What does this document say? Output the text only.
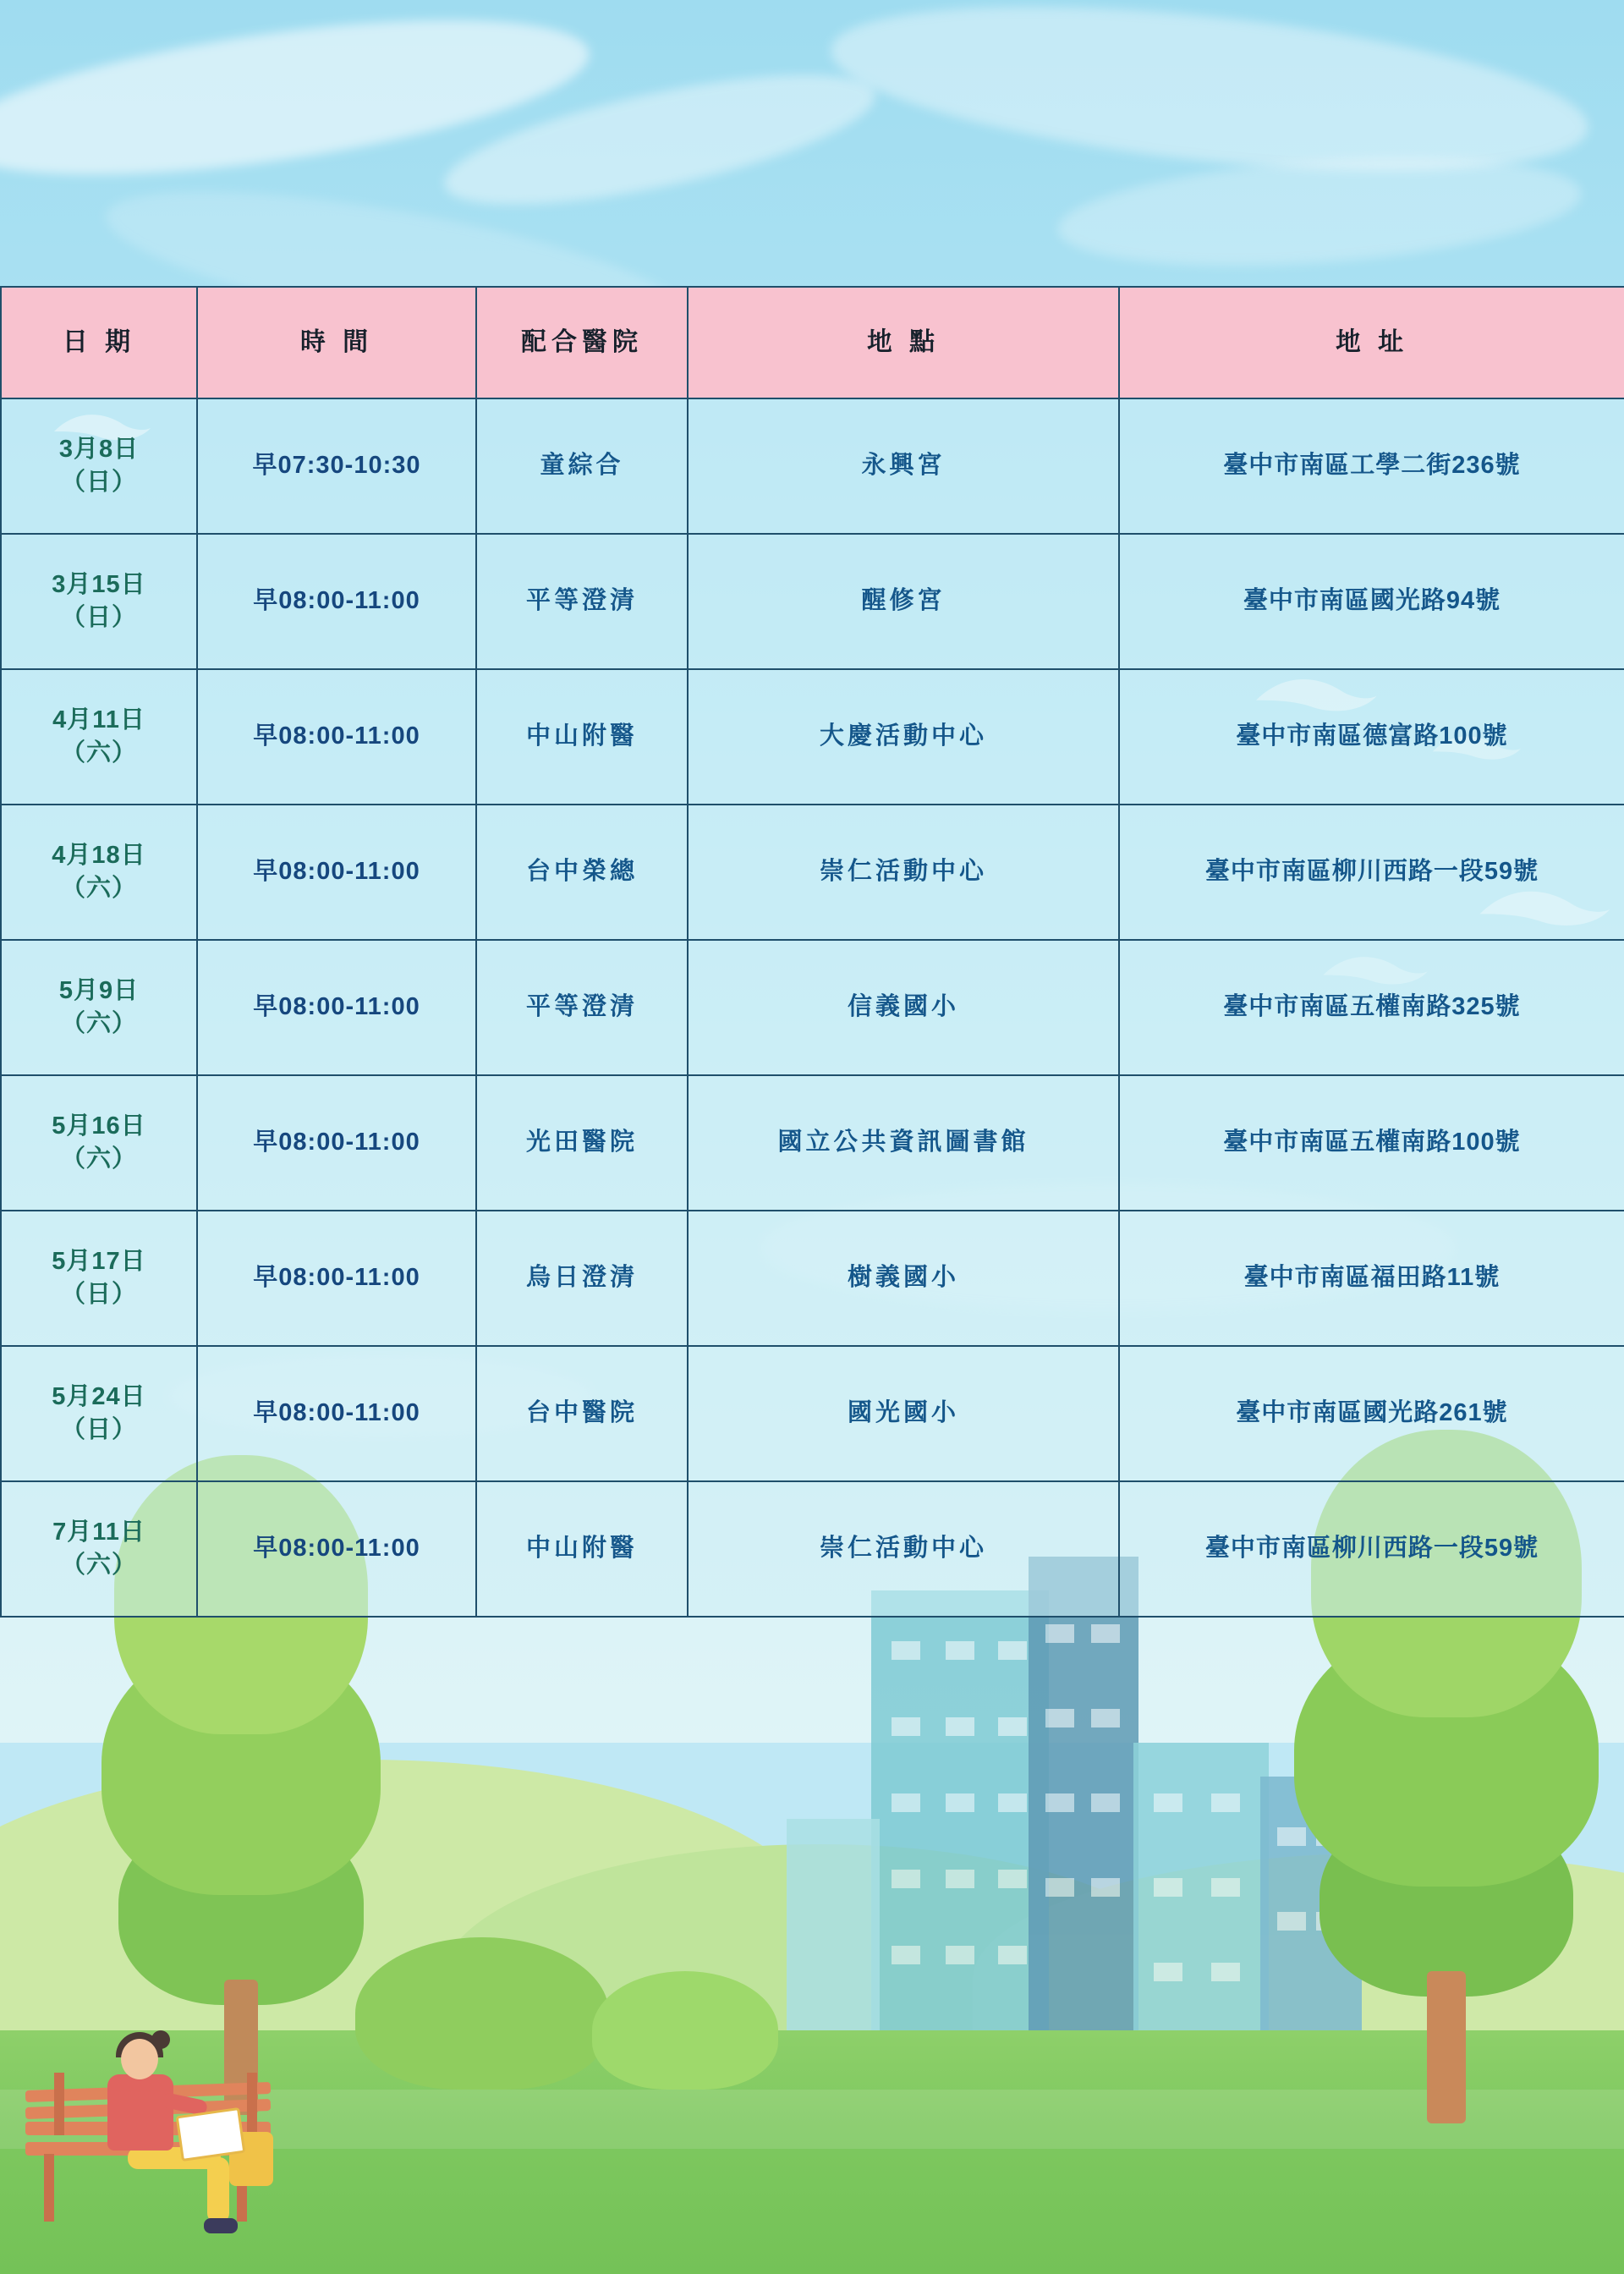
日 期	時 間	配合醫院	地 點	地 址
3月8日
（日）	早07:30-10:30	童綜合	永興宮	臺中市南區工學二街236號
3月15日
（日）	早08:00-11:00	平等澄清	醒修宮	臺中市南區國光路94號
4月11日
（六）	早08:00-11:00	中山附醫	大慶活動中心	臺中市南區德富路100號
4月18日
（六）	早08:00-11:00	台中榮總	崇仁活動中心	臺中市南區柳川西路一段59號
5月9日
（六）	早08:00-11:00	平等澄清	信義國小	臺中市南區五權南路325號
5月16日
（六）	早08:00-11:00	光田醫院	國立公共資訊圖書館	臺中市南區五權南路100號
5月17日
（日）	早08:00-11:00	烏日澄清	樹義國小	臺中市南區福田路11號
5月24日
（日）	早08:00-11:00	台中醫院	國光國小	臺中市南區國光路261號
7月11日
（六）	早08:00-11:00	中山附醫	崇仁活動中心	臺中市南區柳川西路一段59號
